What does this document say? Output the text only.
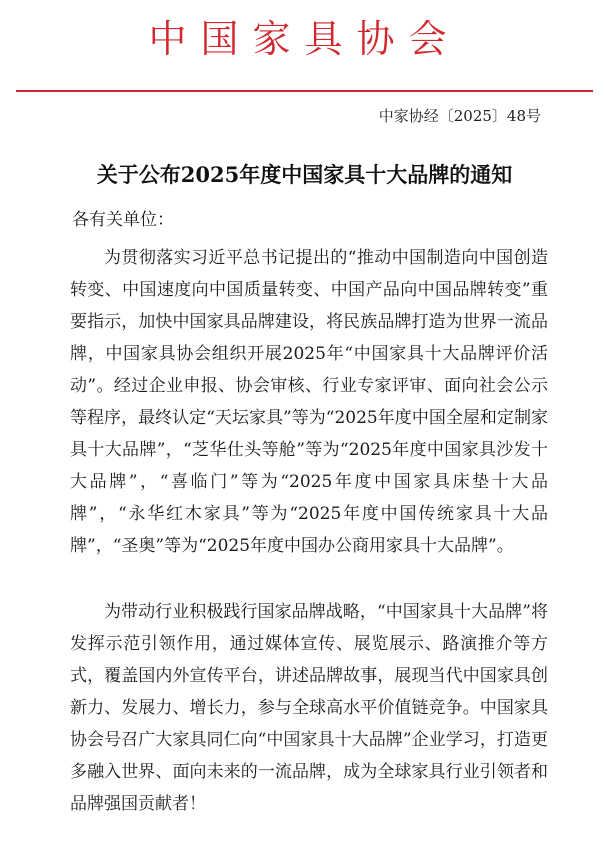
中国家具协会
中家协经〔2025〕48号
关于公布2025年度中国家具十大品牌的通知
各有关单位：

为贯彻落实习近平总书记提出的“推动中国制造向中国创造转变、中国速度向中国质量转变、中国产品向中国品牌转变”重要指示，加快中国家具品牌建设，将民族品牌打造为世界一流品牌，中国家具协会组织开展2025年“中国家具十大品牌评价活动”。经过企业申报、协会审核、行业专家评审、面向社会公示等程序，最终认定“天坛家具”等为“2025年度中国全屋和定制家具十大品牌”，“芝华仕头等舱”等为“2025年度中国家具沙发十大品牌”，“喜临门”等为“2025年度中国家具床垫十大品牌”，“永华红木家具”等为“2025年度中国传统家具十大品牌”，“圣奥”等为“2025年度中国办公商用家具十大品牌”。

为带动行业积极践行国家品牌战略，“中国家具十大品牌”将发挥示范引领作用，通过媒体宣传、展览展示、路演推介等方式，覆盖国内外宣传平台，讲述品牌故事，展现当代中国家具创新力、发展力、增长力，参与全球高水平价值链竞争。中国家具协会号召广大家具同仁向“中国家具十大品牌”企业学习，打造更多融入世界、面向未来的一流品牌，成为全球家具行业引领者和品牌强国贡献者！
